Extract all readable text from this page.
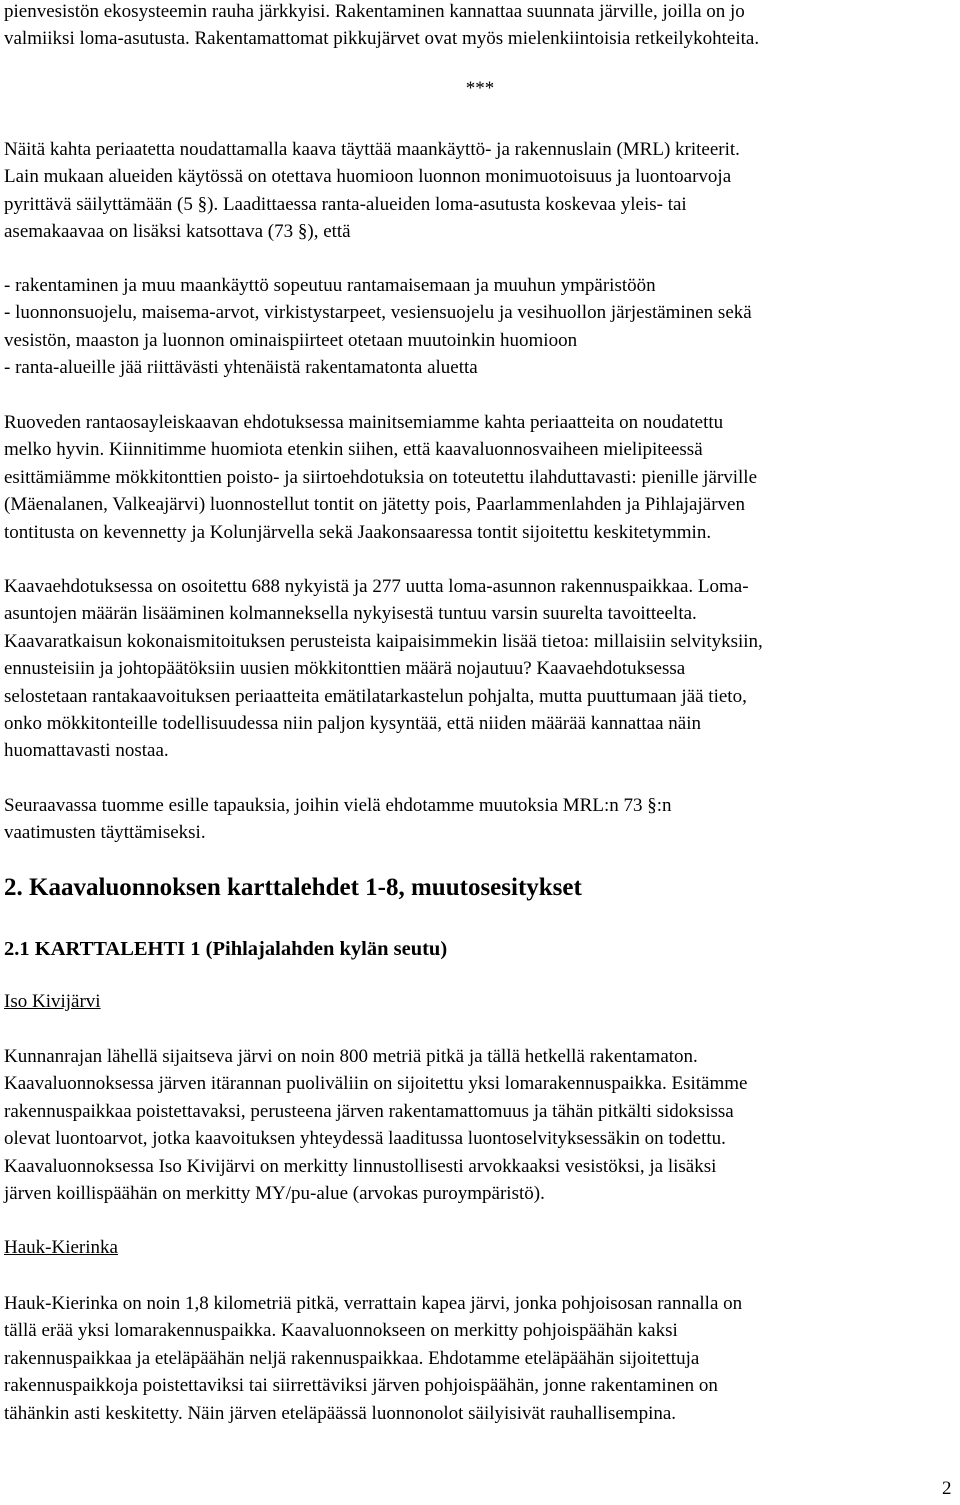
pienvesistön ekosysteemin rauha järkkyisi. Rakentaminen kannattaa suunnata järville, joilla on jo
valmiiksi loma-asutusta. Rakentamattomat pikkujärvet ovat myös mielenkiintoisia retkeilykohteita.
***
Näitä kahta periaatetta noudattamalla kaava täyttää maankäyttö- ja rakennuslain (MRL) kriteerit.
Lain mukaan alueiden käytössä on otettava huomioon luonnon monimuotoisuus ja luontoarvoja
pyrittävä säilyttämään (5 §). Laadittaessa ranta-alueiden loma-asutusta koskevaa yleis- tai
asemakaavaa on lisäksi katsottava (73 §), että
- rakentaminen ja muu maankäyttö sopeutuu rantamaisemaan ja muuhun ympäristöön
- luonnonsuojelu, maisema-arvot, virkistystarpeet, vesiensuojelu ja vesihuollon järjestäminen sekä
vesistön, maaston ja luonnon ominaispiirteet otetaan muutoinkin huomioon
- ranta-alueille jää riittävästi yhtenäistä rakentamatonta aluetta
Ruoveden rantaosayleiskaavan ehdotuksessa mainitsemiamme kahta periaatteita on noudatettu
melko hyvin. Kiinnitimme huomiota etenkin siihen, että kaavaluonnosvaiheen mielipiteessä
esittämiämme mökkitonttien poisto- ja siirtoehdotuksia on toteutettu ilahduttavasti: pienille järville
(Mäenalanen, Valkeajärvi) luonnostellut tontit on jätetty pois, Paarlammenlahden ja Pihlajajärven
tontitusta on kevennetty ja Kolunjärvella sekä Jaakonsaaressa tontit sijoitettu keskitetymmin.
Kaavaehdotuksessa on osoitettu 688 nykyistä ja 277 uutta loma-asunnon rakennuspaikkaa. Loma-
asuntojen määrän lisääminen kolmanneksella nykyisestä tuntuu varsin suurelta tavoitteelta.
Kaavaratkaisun kokonaismitoituksen perusteista kaipaisimmekin lisää tietoa: millaisiin selvityksiin,
ennusteisiin ja johtopäätöksiin uusien mökkitonttien määrä nojautuu? Kaavaehdotuksessa
selostetaan rantakaavoituksen periaatteita emätilatarkastelun pohjalta, mutta puuttumaan jää tieto,
onko mökkitonteille todellisuudessa niin paljon kysyntää, että niiden määrää kannattaa näin
huomattavasti nostaa.
Seuraavassa tuomme esille tapauksia, joihin vielä ehdotamme muutoksia MRL:n 73 §:n
vaatimusten täyttämiseksi.
2. Kaavaluonnoksen karttalehdet 1-8, muutosesitykset
2.1 KARTTALEHTI 1 (Pihlajalahden kylän seutu)
Iso Kivijärvi
Kunnanrajan lähellä sijaitseva järvi on noin 800 metriä pitkä ja tällä hetkellä rakentamaton.
Kaavaluonnoksessa järven itärannan puoliväliin on sijoitettu yksi lomarakennuspaikka. Esitämme
rakennuspaikkaa poistettavaksi, perusteena järven rakentamattomuus ja tähän pitkälti sidoksissa
olevat luontoarvot, jotka kaavoituksen yhteydessä laaditussa luontoselvityksessäkin on todettu.
Kaavaluonnoksessa Iso Kivijärvi on merkitty linnustollisesti arvokkaaksi vesistöksi, ja lisäksi
järven koillispäähän on merkitty MY/pu-alue (arvokas puroympäristö).
Hauk-Kierinka
Hauk-Kierinka on noin 1,8 kilometriä pitkä, verrattain kapea järvi, jonka pohjoisosan rannalla on
tällä erää yksi lomarakennuspaikka. Kaavaluonnokseen on merkitty pohjoispäähän kaksi
rakennuspaikkaa ja eteläpäähän neljä rakennuspaikkaa. Ehdotamme eteläpäähän sijoitettuja
rakennuspaikkoja poistettaviksi tai siirrettäviksi järven pohjoispäähän, jonne rakentaminen on
tähänkin asti keskitetty. Näin järven eteläpäässä luonnonolot säilyisivät rauhallisempina.
2
